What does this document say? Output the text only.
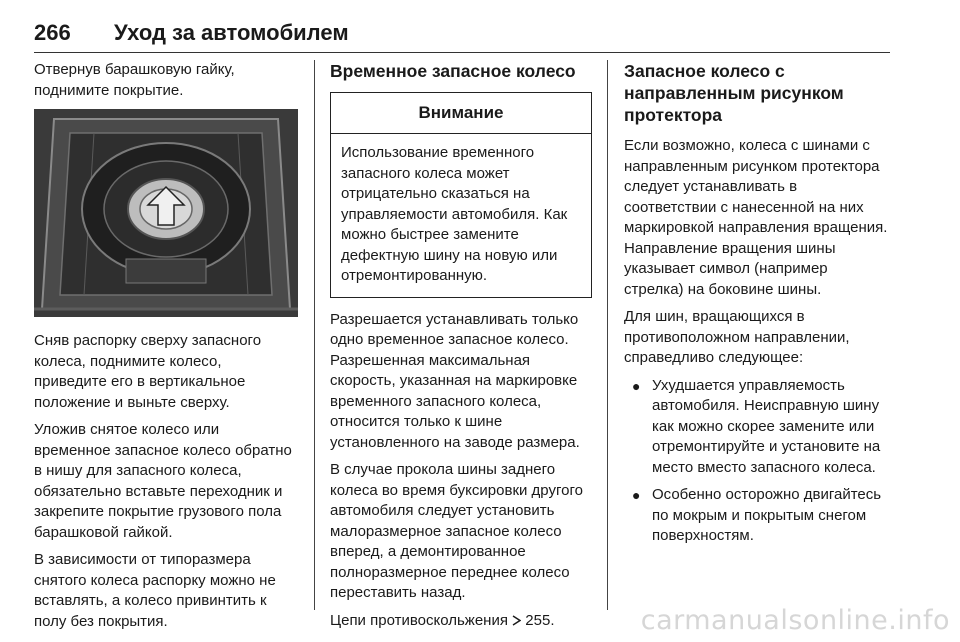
266 Уход за автомобилем

Отвернув барашковую гайку, поднимите покрытие.

Сняв распорку сверху запасного колеса, поднимите колесо, приведите его в вертикальное положение и выньте сверху.

Уложив снятое колесо или временное запасное колесо обратно в нишу для запасного колеса, обязательно вставьте переходник и закрепите покрытие грузового пола барашковой гайкой.

В зависимости от типоразмера снятого колеса распорку можно не вставлять, а колесо привинтить к полу без покрытия.

Временное запасное колесо
Внимание
Использование временного запасного колеса может отрицательно сказаться на управляемости автомобиля. Как можно быстрее замените дефектную шину на новую или отремонтированную.

Разрешается устанавливать только одно временное запасное колесо. Разрешенная максимальная скорость, указанная на маркировке временного запасного колеса, относится только к шине установленного на заводе размера.

В случае прокола шины заднего колеса во время буксировки другого автомобиля следует установить малоразмерное запасное колесо вперед, а демонтированное полноразмерное переднее колесо переставить назад.

Цепи противоскольжения 255.

Запасное колесо с направленным рисунком протектора

Если возможно, колеса с шинами с направленным рисунком протектора следует устанавливать в соответствии с нанесенной на них маркировкой направления вращения. Направление вращения шины указывает символ (например стрелка) на боковине шины.

Для шин, вращающихся в противоположном направлении, справедливо следующее:

● Ухудшается управляемость автомобиля. Неисправную шину как можно скорее замените или отремонтируйте и установите на место вместо запасного колеса.
● Особенно осторожно двигайтесь по мокрым и покрытым снегом поверхностям.
carmanualsonline.info
